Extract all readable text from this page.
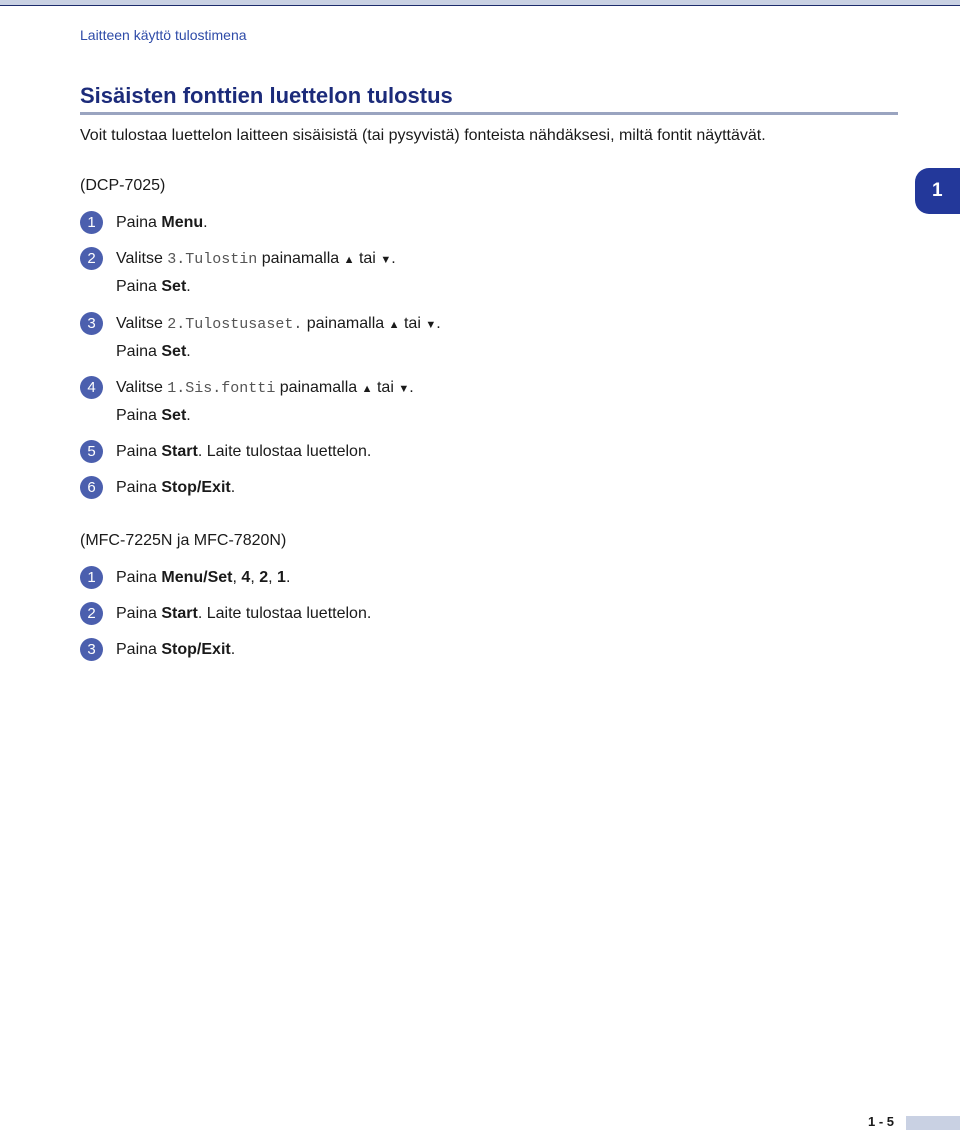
Laitteen käyttö tulostimena
Sisäisten fonttien luettelon tulostus
Voit tulostaa luettelon laitteen sisäisistä (tai pysyvistä) fonteista nähdäksesi, miltä fontit näyttävät.
1
(DCP-7025)
1	Paina Menu.
2	Valitse 3.Tulostin painamalla ▲ tai ▼.
Paina Set.
3	Valitse 2.Tulostusaset. painamalla ▲ tai ▼.
Paina Set.
4	Valitse 1.Sis.fontti painamalla ▲ tai ▼.
Paina Set.
5	Paina Start. Laite tulostaa luettelon.
6	Paina Stop/Exit.
(MFC-7225N ja MFC-7820N)
1	Paina Menu/Set, 4, 2, 1.
2	Paina Start. Laite tulostaa luettelon.
3	Paina Stop/Exit.
1 - 5
